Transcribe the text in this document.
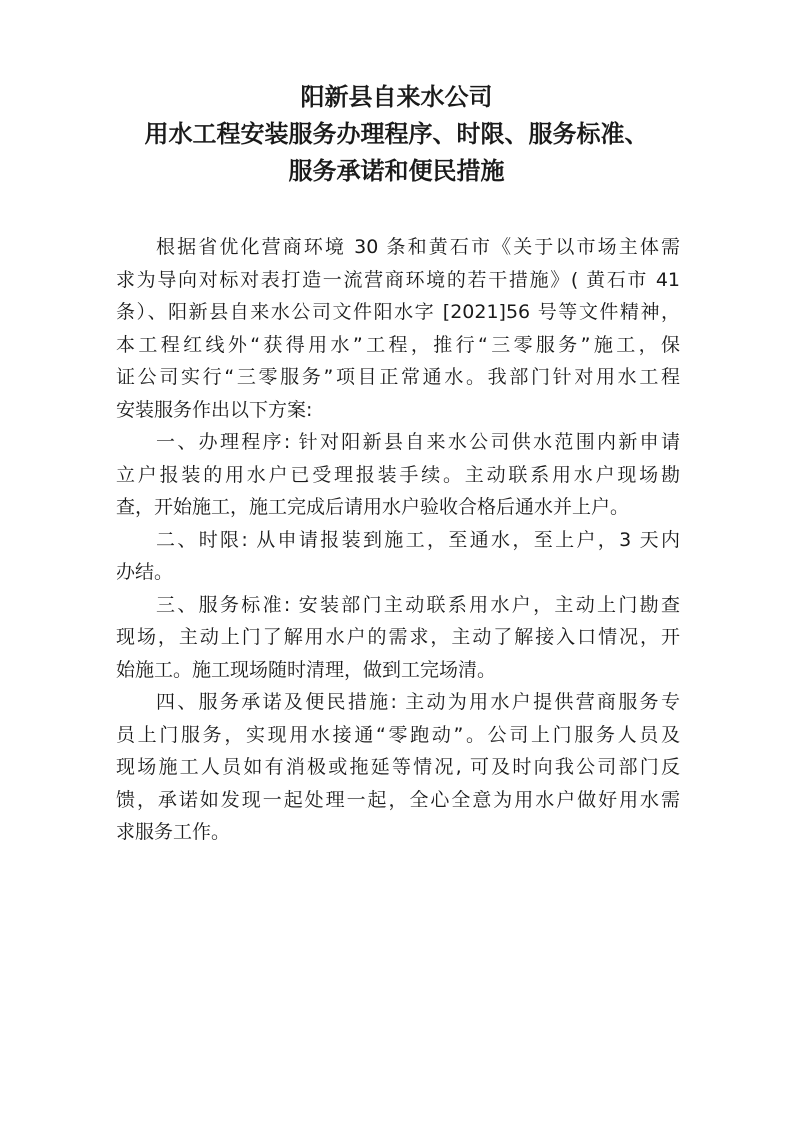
阳新县自来水公司
用水工程安装服务办理程序、时限、服务标准、
服务承诺和便民措施
根据省优化营商环境 30 条和黄石市《关于以市场主体需
求为导向对标对表打造一流营商环境的若干措施》( 黄石市 41
条）、阳新县自来水公司文件阳水字 [2021]56 号等文件精神，
本工程红线外“获得用水”工程，推行“三零服务”施工，保
证公司实行“三零服务”项目正常通水。我部门针对用水工程
安装服务作出以下方案:
一、办理程序: 针对阳新县自来水公司供水范围内新申请
立户报装的用水户已受理报装手续。主动联系用水户现场勘
查，开始施工，施工完成后请用水户验收合格后通水并上户。
二、时限: 从申请报装到施工，至通水，至上户，3 天内
办结。
三、服务标准: 安装部门主动联系用水户，主动上门勘查
现场，主动上门了解用水户的需求，主动了解接入口情况，开
始施工。施工现场随时清理，做到工完场清。
四、服务承诺及便民措施: 主动为用水户提供营商服务专
员上门服务，实现用水接通“零跑动”。公司上门服务人员及
现场施工人员如有消极或拖延等情况, 可及时向我公司部门反
馈，承诺如发现一起处理一起，全心全意为用水户做好用水需
求服务工作。
